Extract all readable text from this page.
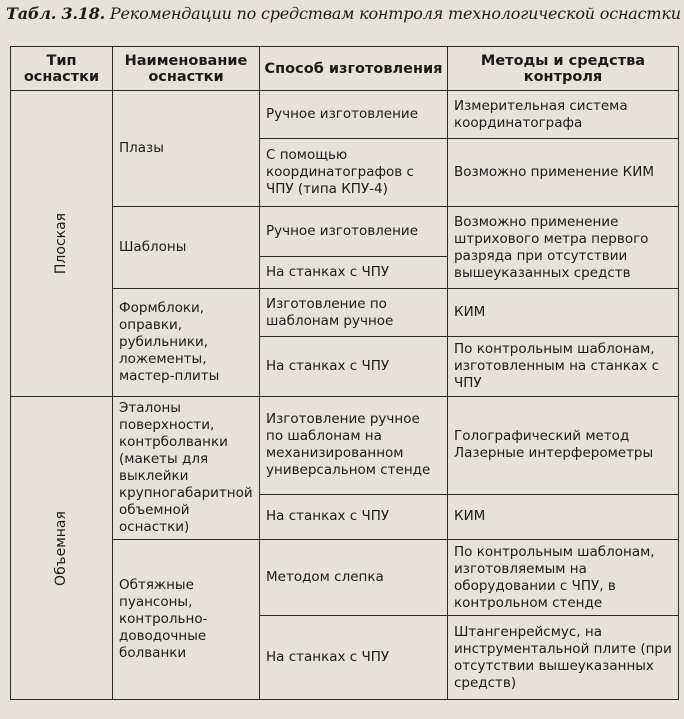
Табл. 3.18. Рекомендации по средствам контроля технологической оснастки
Тип оснастки	Наименование оснастки	Способ изготовления	Методы и средства контроля
Плоская	Плазы	Ручное изготовление	Измерительная система координатографа
		С помощью координатографов с ЧПУ (типа КПУ-4)	Возможно применение КИМ
	Шаблоны	Ручное изготовление	Возможно применение штрихового метра первого разряда при отсутствии вышеуказанных средств
		На станках с ЧПУ	
	Формблоки, оправки, рубильники, ложементы, мастер-плиты	Изготовление по шаблонам ручное	КИМ
		На станках с ЧПУ	По контрольным шаблонам, изготовленным на станках с ЧПУ
Объемная	Эталоны поверхности, контрболванки (макеты для выклейки крупногабаритной объемной оснастки)	Изготовление ручное по шаблонам на механизированном универсальном стенде	Голографический метод Лазерные интерферометры
		На станках с ЧПУ	КИМ
	Обтяжные пуансоны, контрольно-доводочные болванки	Методом слепка	По контрольным шаблонам, изготовляемым на оборудовании с ЧПУ, в контрольном стенде
		На станках с ЧПУ	Штангенрейсмус, на инструментальной плите (при отсутствии вышеуказанных средств)
